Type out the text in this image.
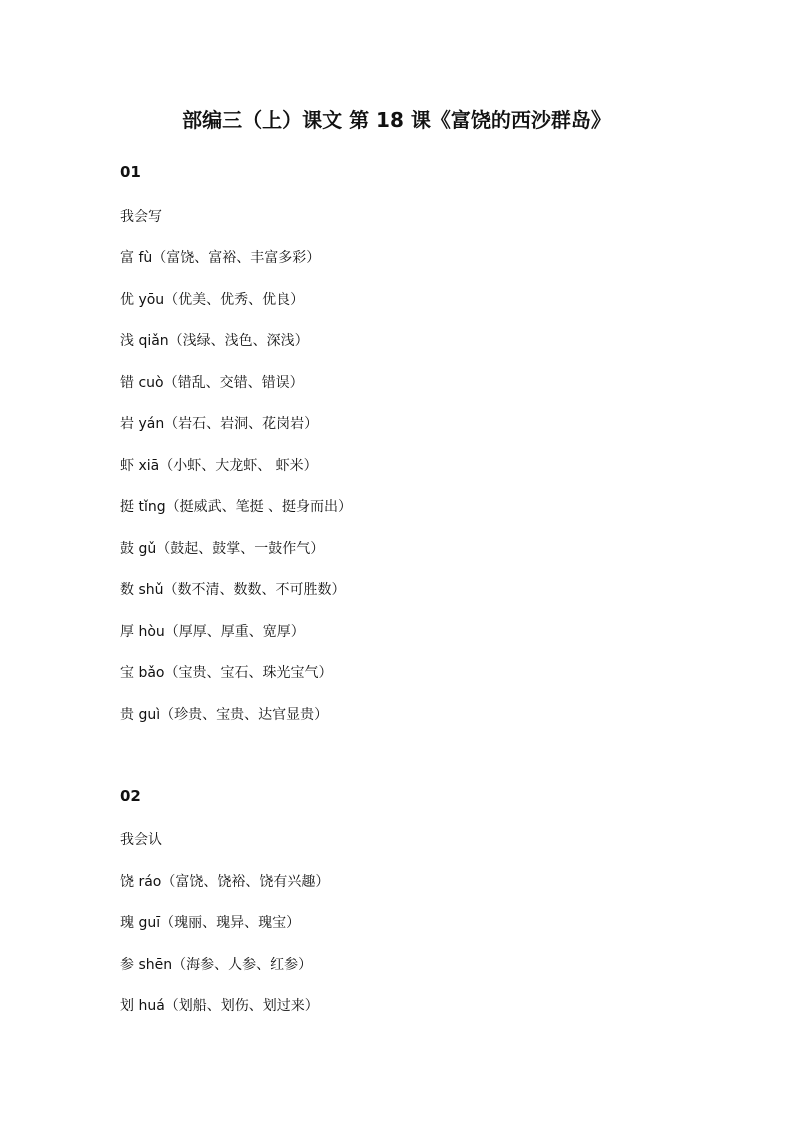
部编三（上）课文 第 18 课《富饶的西沙群岛》
01
我会写
富 fù（富饶、富裕、丰富多彩）
优 yōu（优美、优秀、优良）
浅 qiǎn（浅绿、浅色、深浅）
错 cuò（错乱、交错、错误）
岩 yán（岩石、岩洞、花岗岩）
虾 xiā（小虾、大龙虾、 虾米）
挺 tǐng（挺威武、笔挺 、挺身而出）
鼓 gǔ（鼓起、鼓掌、一鼓作气）
数 shǔ（数不清、数数、不可胜数）
厚 hòu（厚厚、厚重、宽厚）
宝 bǎo（宝贵、宝石、珠光宝气）
贵 guì（珍贵、宝贵、达官显贵）
02
我会认
饶 ráo（富饶、饶裕、饶有兴趣）
瑰 guī（瑰丽、瑰异、瑰宝）
参 shēn（海参、人参、红参）
划 huá（划船、划伤、划过来）
